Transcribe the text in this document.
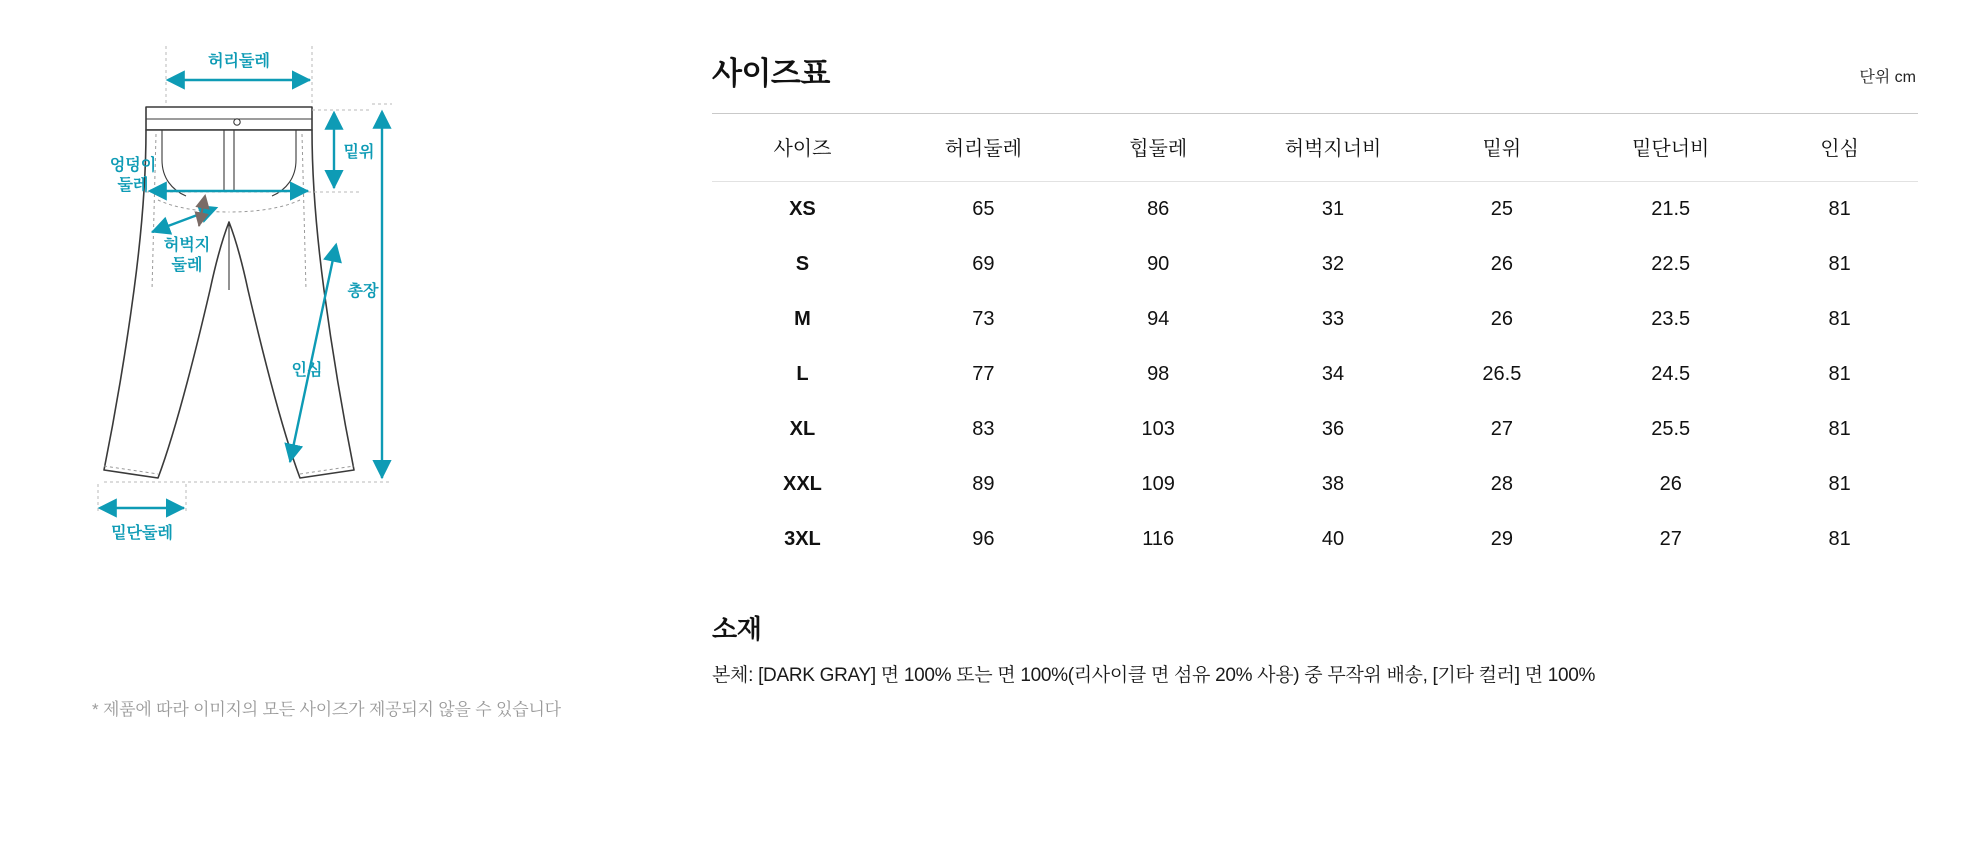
허리둘레
엉덩이
둘레
허벅지
둘레
밑위
총장
인심
밑단둘레
* 제품에 따라 이미지의 모든 사이즈가 제공되지 않을 수 있습니다
사이즈표	단위 cm
사이즈	허리둘레	힙둘레	허벅지너비	밑위	밑단너비	인심
XS	65	86	31	25	21.5	81
S	69	90	32	26	22.5	81
M	73	94	33	26	23.5	81
L	77	98	34	26.5	24.5	81
XL	83	103	36	27	25.5	81
XXL	89	109	38	28	26	81
3XL	96	116	40	29	27	81
소재

본체: [DARK GRAY] 면 100% 또는 면 100%(리사이클 면 섬유 20% 사용) 중 무작위 배송, [기타 컬러] 면 100%
